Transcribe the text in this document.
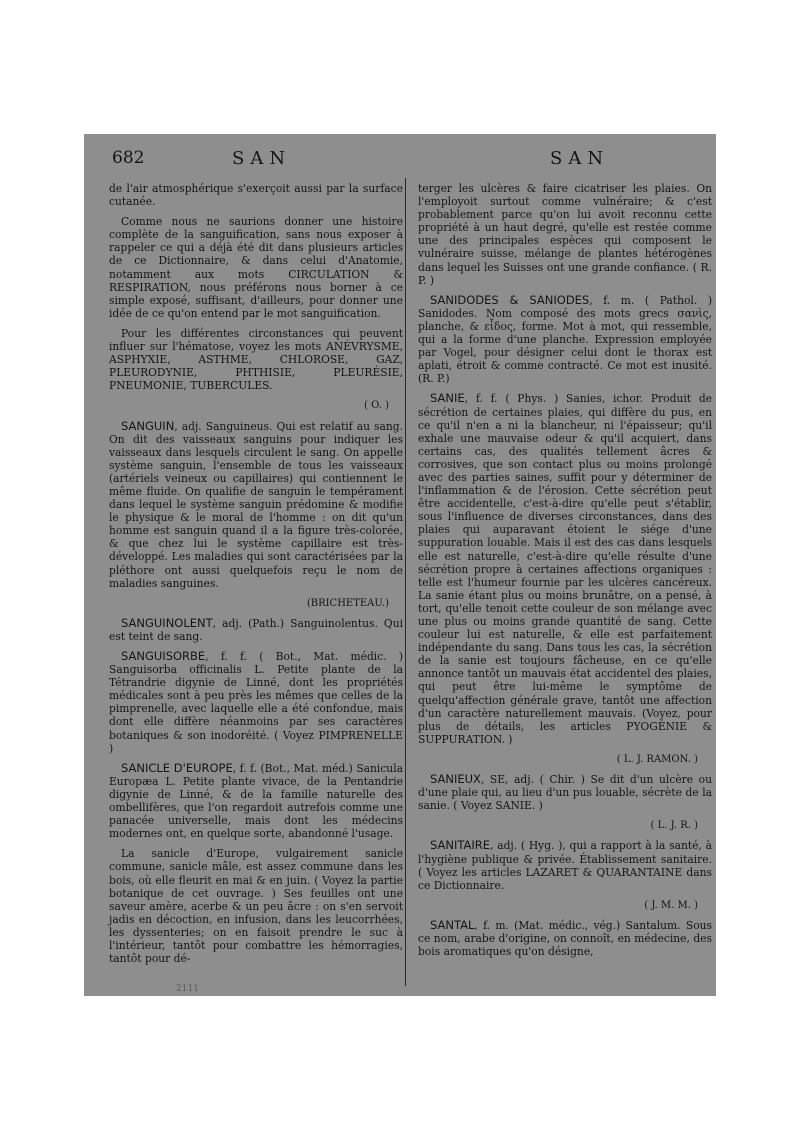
682	SAN	SAN

de l'air atmosphérique s'exerçoit aussi par la surface cutanée.

Comme nous ne saurions donner une histoire complète de la sanguification, sans nous exposer à rappeler ce qui a déjà été dit dans plusieurs articles de ce Dictionnaire, & dans celui d'Anatomie, notamment aux mots CIRCULATION & RESPIRATION, nous préférons nous borner à ce simple exposé, suffisant, d'ailleurs, pour donner une idée de ce qu'on entend par le mot sanguification.

Pour les différentes circonstances qui peuvent influer sur l'hématose, voyez les mots ANÉVRYSME, ASPHYXIE, ASTHME, CHLOROSE, GAZ, PLEURODYNIE, PHTHISIE, PLEURÉSIE, PNEUMONIE, TUBERCULES.

( O. )

SANGUIN, adj. Sanguineus. Qui est relatif au sang. On dit des vaisseaux sanguins pour indiquer les vaisseaux dans lesquels circulent le sang. On appelle système sanguin, l'ensemble de tous les vaisseaux (artériels veineux ou capillaires) qui contiennent le même fluide. On qualifie de sanguin le tempérament dans lequel le système sanguin prédomine & modifie le physique & le moral de l'homme : on dit qu'un homme est sanguin quand il a la figure très-colorée, & que chez lui le système capillaire est très-développé. Les maladies qui sont caractérisées par la pléthore ont aussi quelquefois reçu le nom de maladies sanguines.

(BRICHETEAU.)

SANGUINOLENT, adj. (Path.) Sanguinolentus. Qui est teint de sang.

SANGUISORBE, f. f. ( Bot., Mat. médic. ) Sanguisorba officinalis L. Petite plante de la Tétrandrie digynie de Linné, dont les propriétés médicales sont à peu près les mêmes que celles de la pimprenelle, avec laquelle elle a été confondue, mais dont elle diffère néanmoins par ses caractères botaniques & son inodoréité. ( Voyez PIMPRENELLE )

SANICLE D'EUROPE, f. f. (Bot., Mat. méd.) Sanicula Europæa L. Petite plante vivace, de la Pentandrie digynie de Linné, & de la famille naturelle des ombellifères, que l'on regardoit autrefois comme une panacée universelle, mais dont les médecins modernes ont, en quelque sorte, abandonné l'usage.

La sanicle d'Europe, vulgairement sanicle commune, sanicle mâle, est assez commune dans les bois, où elle fleurit en mai & en juin. ( Voyez la partie botanique de cet ouvrage. ) Ses feuilles ont une saveur amère, acerbe & un peu âcre : on s'en servoit jadis en décoction, en infusion, dans les leucorrhées, les dyssenteries; on en faisoit prendre le suc à l'intérieur, tantôt pour combattre les hémorragies, tantôt pour dé-

terger les ulcères & faire cicatriser les plaies. On l'employoit surtout comme vulnéraire; & c'est probablement parce qu'on lui avoit reconnu cette propriété à un haut degré, qu'elle est restée comme une des principales espèces qui composent le vulnéraire suisse, mélange de plantes hétérogènes dans lequel les Suisses ont une grande confiance. ( R. P. )

SANIDODES & SANIODES, f. m. ( Pathol. ) Sanidodes. Nom composé des mots grecs σανὶς, planche, & εἶδος, forme. Mot à mot, qui ressemble, qui a la forme d'une planche. Expression employée par Vogel, pour désigner celui dont le thorax est aplati, étroit & comme contracté. Ce mot est inusité. (R. P.)

SANIE, f. f. ( Phys. ) Sanies, ichor. Produit de sécrétion de certaines plaies, qui diffère du pus, en ce qu'il n'en a ni la blancheur, ni l'épaisseur; qu'il exhale une mauvaise odeur & qu'il acquiert, dans certains cas, des qualités tellement âcres & corrosives, que son contact plus ou moins prolongé avec des parties saines, suffit pour y déterminer de l'inflammation & de l'érosion. Cette sécrétion peut être accidentelle, c'est-à-dire qu'elle peut s'établir, sous l'influence de diverses circonstances, dans des plaies qui auparavant étoient le siége d'une suppuration louable. Mais il est des cas dans lesquels elle est naturelle, c'est-à-dire qu'elle résulte d'une sécrétion propre à certaines affections organiques : telle est l'humeur fournie par les ulcères cancéreux. La sanie étant plus ou moins brunâtre, on a pensé, à tort, qu'elle tenoit cette couleur de son mélange avec une plus ou moins grande quantité de sang. Cette couleur lui est naturelle, & elle est parfaitement indépendante du sang. Dans tous les cas, la sécrétion de la sanie est toujours fâcheuse, en ce qu'elle annonce tantôt un mauvais état accidentel des plaies, qui peut être lui-même le symptôme de quelqu'affection générale grave, tantôt une affection d'un caractère naturellement mauvais. (Voyez, pour plus de détails, les articles PYOGÉNIE & SUPPURATION. )

( L. J. RAMON. )

SANIEUX, SE, adj. ( Chir. ) Se dit d'un ulcère ou d'une plaie qui, au lieu d'un pus louable, sécrète de la sanie. ( Voyez SANIE. )

( L. J. R. )

SANITAIRE, adj. ( Hyg. ), qui a rapport à la santé, à l'hygiène publique & privée. Établissement sanitaire. ( Voyez les articles LAZARET & QUARANTAINE dans ce Dictionnaire.

( J. M. M. )

SANTAL, f. m. (Mat. médic., vég.) Santalum. Sous ce nom, arabe d'origine, on connoît, en médecine, des bois aromatiques qu'on désigne,

2111
